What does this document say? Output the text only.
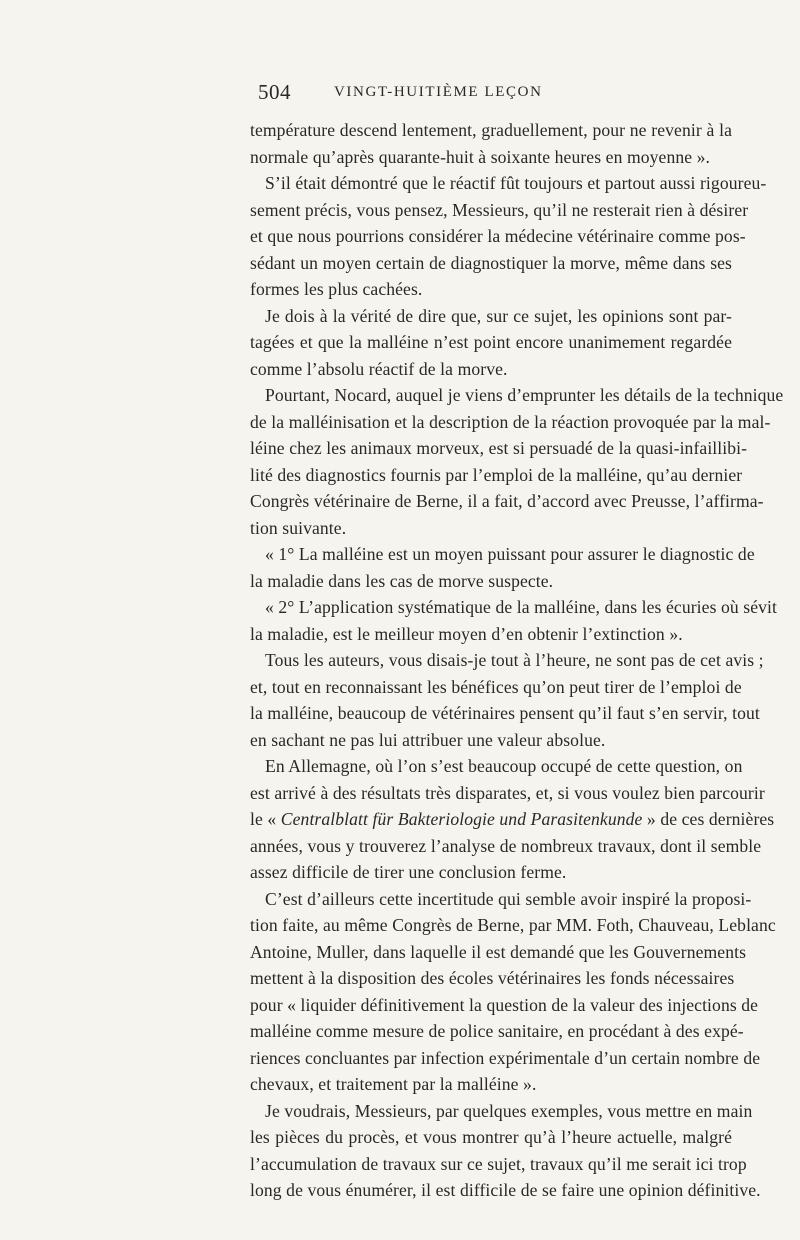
504	VINGT-HUITIÈME LEÇON
température descend lentement, graduellement, pour ne revenir à la
normale qu’après quarante-huit à soixante heures en moyenne ».
S’il était démontré que le réactif fût toujours et partout aussi rigoureu-
sement précis, vous pensez, Messieurs, qu’il ne resterait rien à désirer
et que nous pourrions considérer la médecine vétérinaire comme pos-
sédant un moyen certain de diagnostiquer la morve, même dans ses
formes les plus cachées.
Je dois à la vérité de dire que, sur ce sujet, les opinions sont par-
tagées et que la malléine n’est point encore unanimement regardée
comme l’absolu réactif de la morve.
Pourtant, Nocard, auquel je viens d’emprunter les détails de la technique
de la malléinisation et la description de la réaction provoquée par la mal-
léine chez les animaux morveux, est si persuadé de la quasi-infaillibi-
lité des diagnostics fournis par l’emploi de la malléine, qu’au dernier
Congrès vétérinaire de Berne, il a fait, d’accord avec Preusse, l’affirma-
tion suivante.
« 1° La malléine est un moyen puissant pour assurer le diagnostic de
la maladie dans les cas de morve suspecte.
« 2° L’application systématique de la malléine, dans les écuries où sévit
la maladie, est le meilleur moyen d’en obtenir l’extinction ».
Tous les auteurs, vous disais-je tout à l’heure, ne sont pas de cet avis ;
et, tout en reconnaissant les bénéfices qu’on peut tirer de l’emploi de
la malléine, beaucoup de vétérinaires pensent qu’il faut s’en servir, tout
en sachant ne pas lui attribuer une valeur absolue.
En Allemagne, où l’on s’est beaucoup occupé de cette question, on
est arrivé à des résultats très disparates, et, si vous voulez bien parcourir
le « Centralblatt für Bakteriologie und Parasitenkunde » de ces dernières
années, vous y trouverez l’analyse de nombreux travaux, dont il semble
assez difficile de tirer une conclusion ferme.
C’est d’ailleurs cette incertitude qui semble avoir inspiré la proposi-
tion faite, au même Congrès de Berne, par MM. Foth, Chauveau, Leblanc
Antoine, Muller, dans laquelle il est demandé que les Gouvernements
mettent à la disposition des écoles vétérinaires les fonds nécessaires
pour « liquider définitivement la question de la valeur des injections de
malléine comme mesure de police sanitaire, en procédant à des expé-
riences concluantes par infection expérimentale d’un certain nombre de
chevaux, et traitement par la malléine ».
Je voudrais, Messieurs, par quelques exemples, vous mettre en main
les pièces du procès, et vous montrer qu’à l’heure actuelle, malgré
l’accumulation de travaux sur ce sujet, travaux qu’il me serait ici trop
long de vous énumérer, il est difficile de se faire une opinion définitive.
